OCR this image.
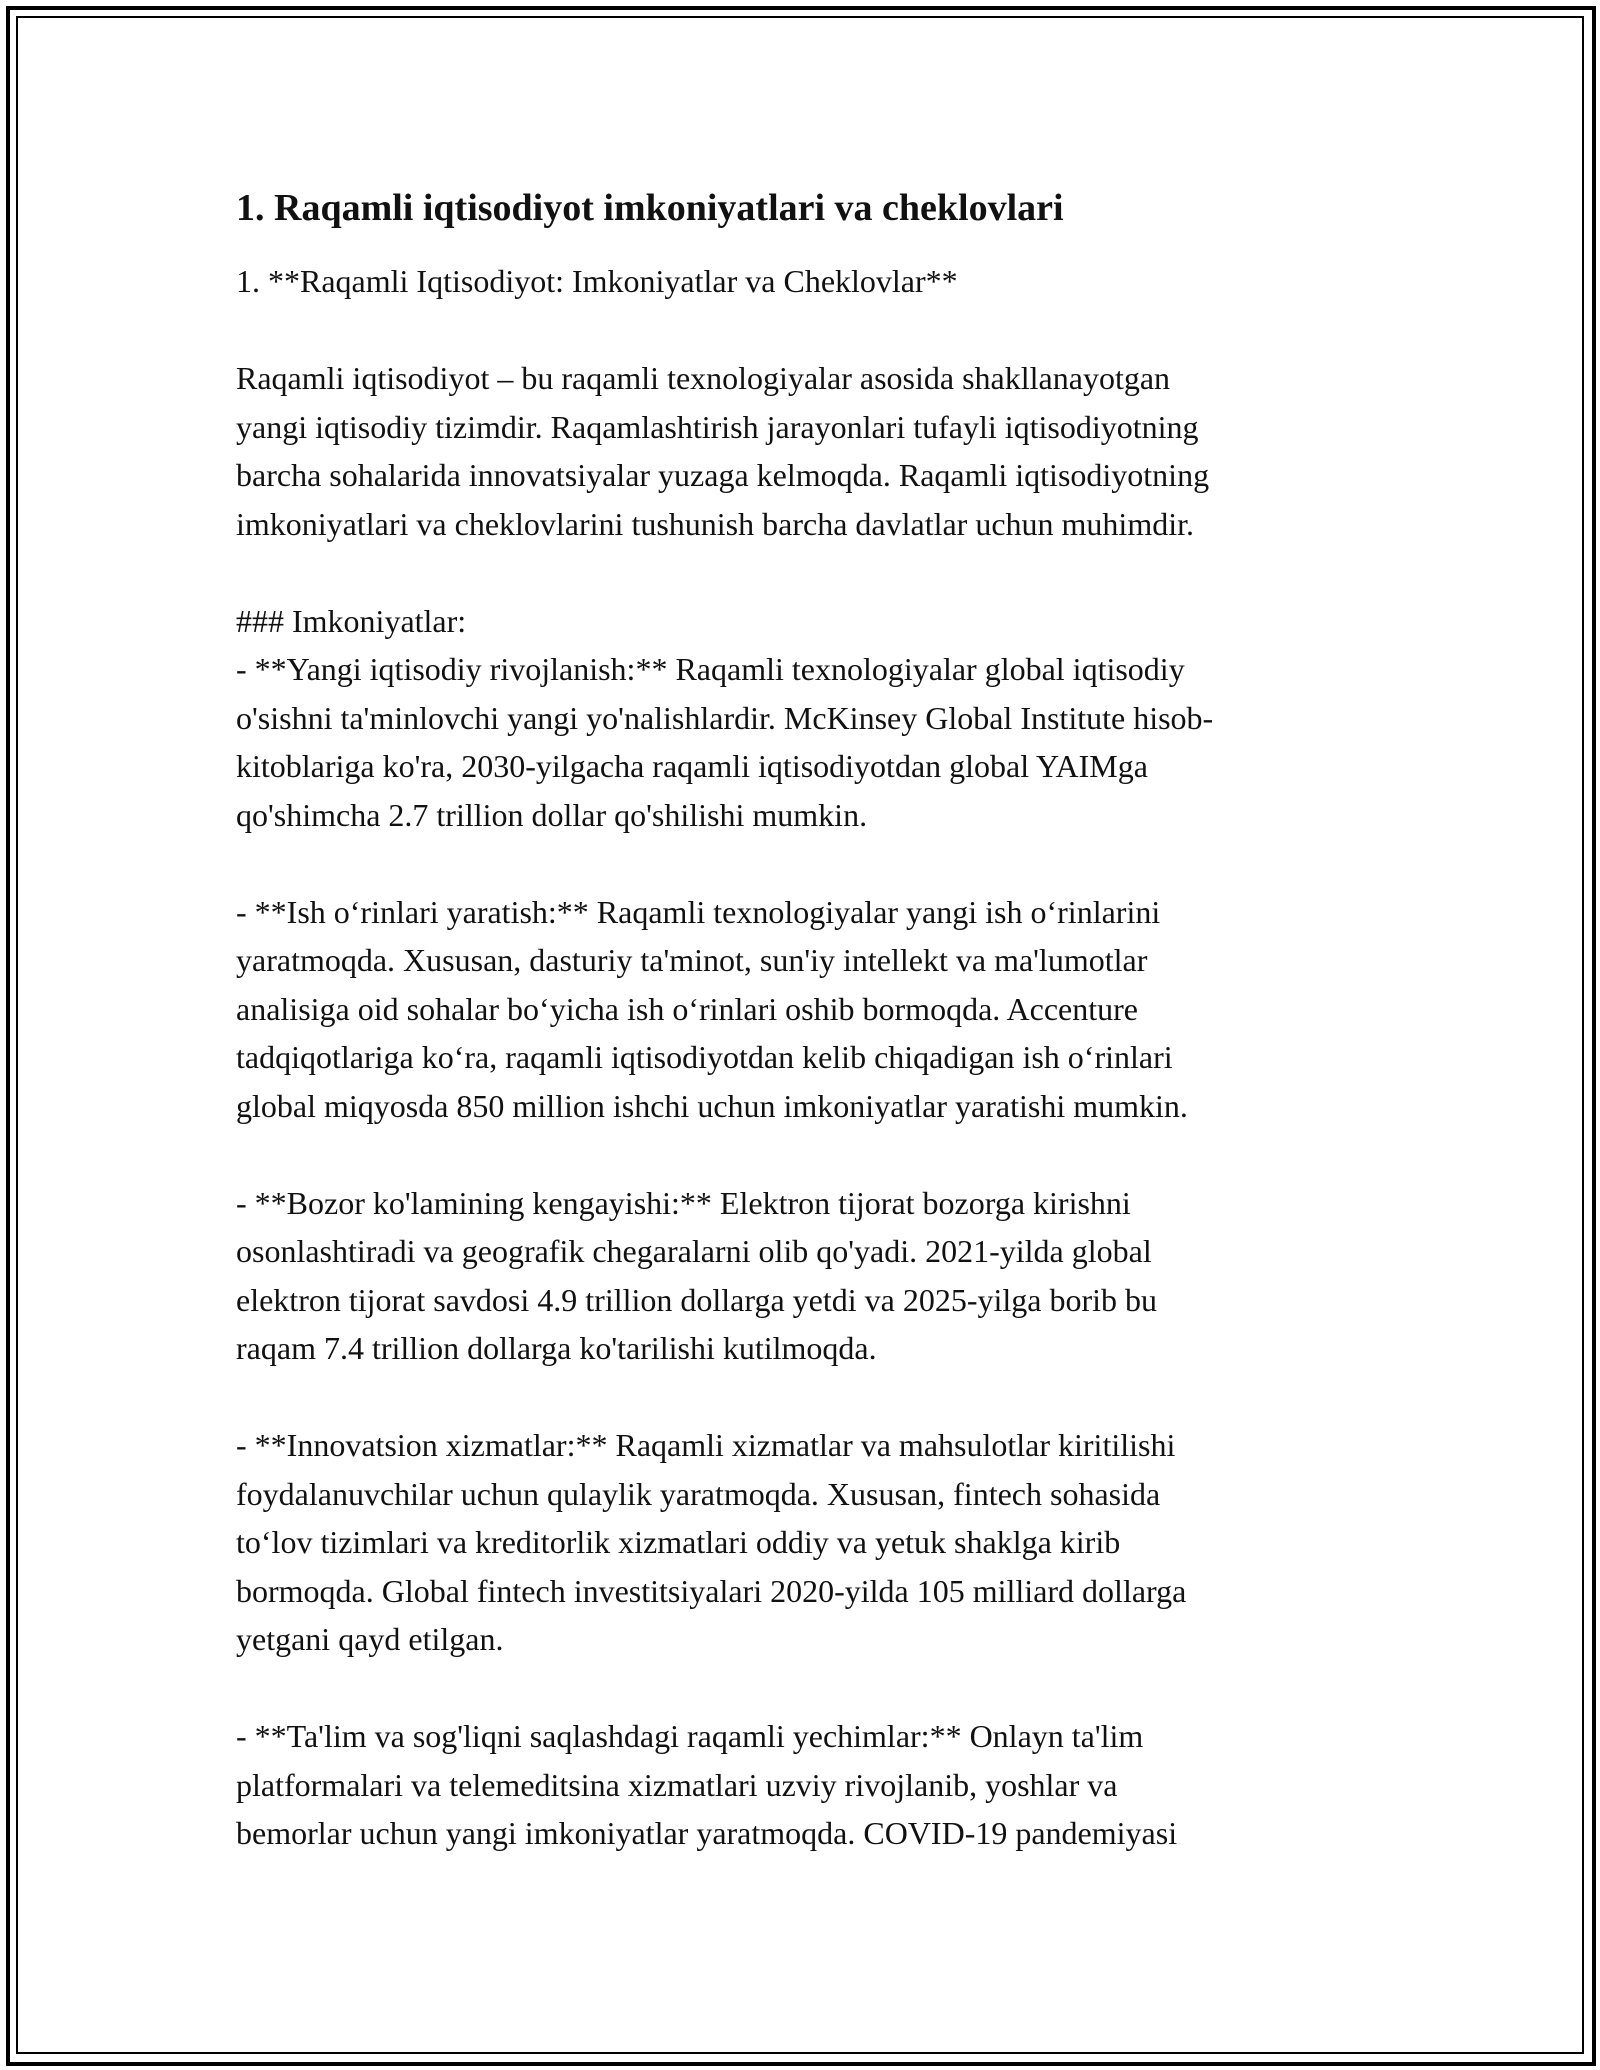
1. Raqamli iqtisodiyot imkoniyatlari va cheklovlari

1. **Raqamli Iqtisodiyot: Imkoniyatlar va Cheklovlar**

Raqamli iqtisodiyot – bu raqamli texnologiyalar asosida shakllanayotgan
yangi iqtisodiy tizimdir. Raqamlashtirish jarayonlari tufayli iqtisodiyotning
barcha sohalarida innovatsiyalar yuzaga kelmoqda. Raqamli iqtisodiyotning
imkoniyatlari va cheklovlarini tushunish barcha davlatlar uchun muhimdir.

### Imkoniyatlar:

- **Yangi iqtisodiy rivojlanish:** Raqamli texnologiyalar global iqtisodiy
o'sishni ta'minlovchi yangi yo'nalishlardir. McKinsey Global Institute hisob-
kitoblariga ko'ra, 2030-yilgacha raqamli iqtisodiyotdan global YAIMga
qo'shimcha 2.7 trillion dollar qo'shilishi mumkin.

- **Ish o‘rinlari yaratish:** Raqamli texnologiyalar yangi ish o‘rinlarini
yaratmoqda. Xususan, dasturiy ta'minot, sun'iy intellekt va ma'lumotlar
analisiga oid sohalar bo‘yicha ish o‘rinlari oshib bormoqda. Accenture
tadqiqotlariga ko‘ra, raqamli iqtisodiyotdan kelib chiqadigan ish o‘rinlari
global miqyosda 850 million ishchi uchun imkoniyatlar yaratishi mumkin.

- **Bozor ko'lamining kengayishi:** Elektron tijorat bozorga kirishni
osonlashtiradi va geografik chegaralarni olib qo'yadi. 2021-yilda global
elektron tijorat savdosi 4.9 trillion dollarga yetdi va 2025-yilga borib bu
raqam 7.4 trillion dollarga ko'tarilishi kutilmoqda.

- **Innovatsion xizmatlar:** Raqamli xizmatlar va mahsulotlar kiritilishi
foydalanuvchilar uchun qulaylik yaratmoqda. Xususan, fintech sohasida
to‘lov tizimlari va kreditorlik xizmatlari oddiy va yetuk shaklga kirib
bormoqda. Global fintech investitsiyalari 2020-yilda 105 milliard dollarga
yetgani qayd etilgan.

- **Ta'lim va sog'liqni saqlashdagi raqamli yechimlar:** Onlayn ta'lim
platformalari va telemeditsina xizmatlari uzviy rivojlanib, yoshlar va
bemorlar uchun yangi imkoniyatlar yaratmoqda. COVID-19 pandemiyasi
